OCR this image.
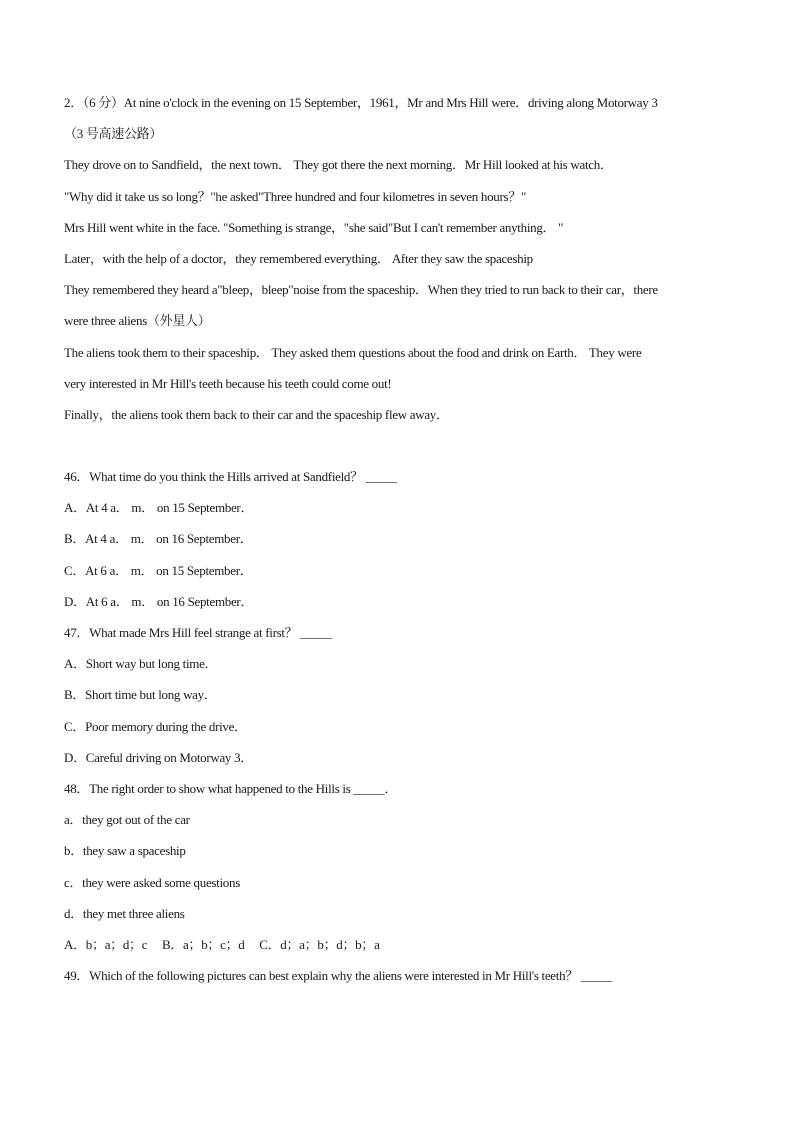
2．（6 分）At nine o'clock in the evening on 15 September，1961，Mr and Mrs Hill were．driving along Motorway 3
（3 号高速公路）
They drove on to Sandfield，the next town． They got there the next morning．Mr Hill looked at his watch．
"Why did it take us so long？"he asked"Three hundred and four kilometres in seven hours？"
Mrs Hill went white in the face. "Something is strange，"she said"But I can't remember anything． "
Later，with the help of a doctor，they remembered everything． After they saw the spaceship
They remembered they heard a"bleep，bleep"noise from the spaceship．When they tried to run back to their car，there
were three aliens（外星人）
The aliens took them to their spaceship． They asked them questions about the food and drink on Earth． They were
very interested in Mr Hill's teeth because his teeth could come out!
Finally，the aliens took them back to their car and the spaceship flew away．
46．What time do you think the Hills arrived at Sandfield？ _____
A．At 4 a． m． on 15 September．
B．At 4 a． m． on 16 September．
C．At 6 a． m． on 15 September．
D．At 6 a． m． on 16 September．
47．What made Mrs Hill feel strange at first？ _____
A．Short way but long time．
B．Short time but long way．
C．Poor memory during the drive．
D．Careful driving on Motorway 3．
48．The right order to show what happened to the Hills is _____．
a．they got out of the car
b．they saw a spaceship
c．they were asked some questions
d．they met three aliens
A．b；a；d；c     B．a；b；c；d     C．d；a；b；d；b；a
49．Which of the following pictures can best explain why the aliens were interested in Mr Hill's teeth？ _____
